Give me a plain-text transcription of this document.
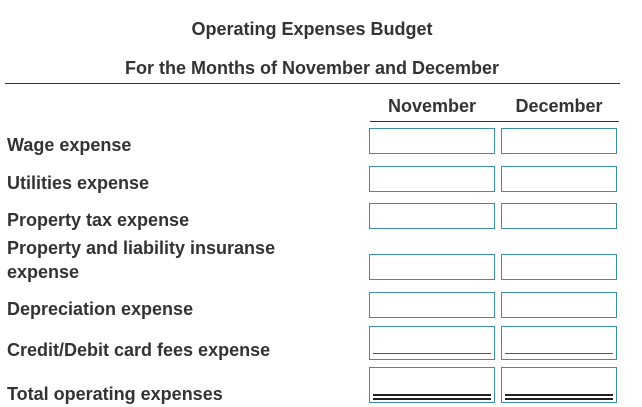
Operating Expenses Budget
For the Months of November and December
November	December
Wage expense
Utilities expense
Property tax expense
Property and liability insuranse
expense
Depreciation expense
Credit/Debit card fees expense
Total operating expenses
